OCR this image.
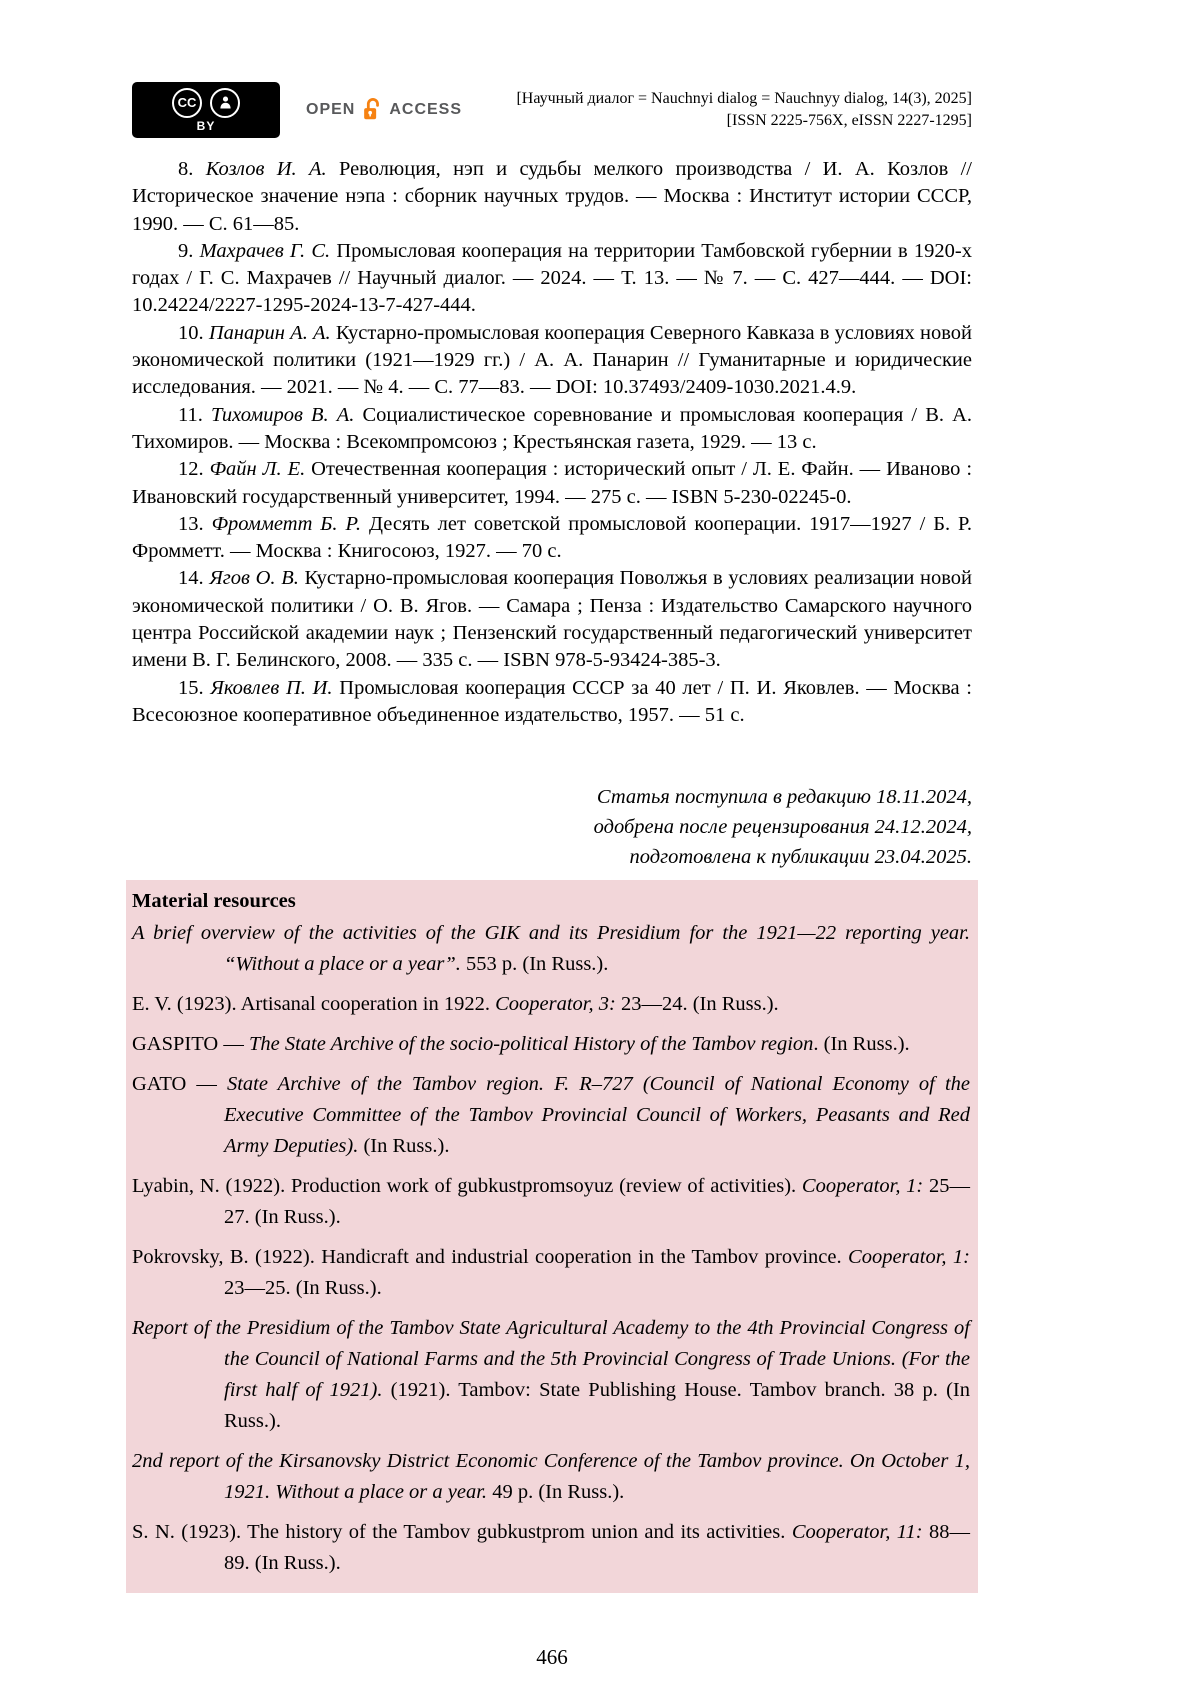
CC
BY
OPEN ACCESS
[Научный диалог = Nauchnyi dialog = Nauchnyy dialog, 14(3), 2025]
[ISSN 2225-756X, eISSN 2227-1295]

8. Козлов И. А. Революция, нэп и судьбы мелкого производства / И. А. Козлов // Историческое значение нэпа : сборник научных трудов. — Москва : Институт истории СССР, 1990. — С. 61—85.

9. Махрачев Г. С. Промысловая кооперация на территории Тамбовской губернии в 1920-х годах / Г. С. Махрачев // Научный диалог. — 2024. — Т. 13. — № 7. — С. 427—444. — DOI: 10.24224/2227-1295-2024-13-7-427-444.

10. Панарин А. А. Кустарно-промысловая кооперация Северного Кавказа в условиях новой экономической политики (1921—1929 гг.) / А. А. Панарин // Гуманитарные и юридические исследования. — 2021. — № 4. — С. 77—83. — DOI: 10.37493/2409-1030.2021.4.9.

11. Тихомиров В. А. Социалистическое соревнование и промысловая кооперация / В. А. Тихомиров. — Москва : Всекомпромсоюз ; Крестьянская газета, 1929. — 13 с.

12. Файн Л. Е. Отечественная кооперация : исторический опыт / Л. Е. Файн. — Иваново : Ивановский государственный университет, 1994. — 275 с. — ISBN 5-230-02245-0.

13. Фромметт Б. Р. Десять лет советской промысловой кооперации. 1917—1927 / Б. Р. Фромметт. — Москва : Книгосоюз, 1927. — 70 с.

14. Ягов О. В. Кустарно-промысловая кооперация Поволжья в условиях реализации новой экономической политики / О. В. Ягов. — Самара ; Пенза : Издательство Самарского научного центра Российской академии наук ; Пензенский государственный педагогический университет имени В. Г. Белинского, 2008. — 335 с. — ISBN 978-5-93424-385-3.

15. Яковлев П. И. Промысловая кооперация СССР за 40 лет / П. И. Яковлев. — Москва : Всесоюзное кооперативное объединенное издательство, 1957. — 51 с.

Статья поступила в редакцию 18.11.2024,
одобрена после рецензирования 24.12.2024,
подготовлена к публикации 23.04.2025.

Material resources

A brief overview of the activities of the GIK and its Presidium for the 1921—22 reporting year. “Without a place or a year”. 553 p. (In Russ.).

E. V. (1923). Artisanal cooperation in 1922. Cooperator, 3: 23—24. (In Russ.).

GASPITO — The State Archive of the socio-political History of the Tambov region. (In Russ.).

GATO — State Archive of the Tambov region. F. R–727 (Council of National Economy of the Executive Committee of the Tambov Provincial Council of Workers, Peasants and Red Army Deputies). (In Russ.).

Lyabin, N. (1922). Production work of gubkustpromsoyuz (review of activities). Cooperator, 1: 25—27. (In Russ.).

Pokrovsky, B. (1922). Handicraft and industrial cooperation in the Tambov province. Cooperator, 1: 23—25. (In Russ.).

Report of the Presidium of the Tambov State Agricultural Academy to the 4th Provincial Congress of the Council of National Farms and the 5th Provincial Congress of Trade Unions. (For the first half of 1921). (1921). Tambov: State Publishing House. Tambov branch. 38 p. (In Russ.).

2nd report of the Kirsanovsky District Economic Conference of the Tambov province. On October 1, 1921. Without a place or a year. 49 p. (In Russ.).

S. N. (1923). The history of the Tambov gubkustprom union and its activities. Cooperator, 11: 88—89. (In Russ.).

466
